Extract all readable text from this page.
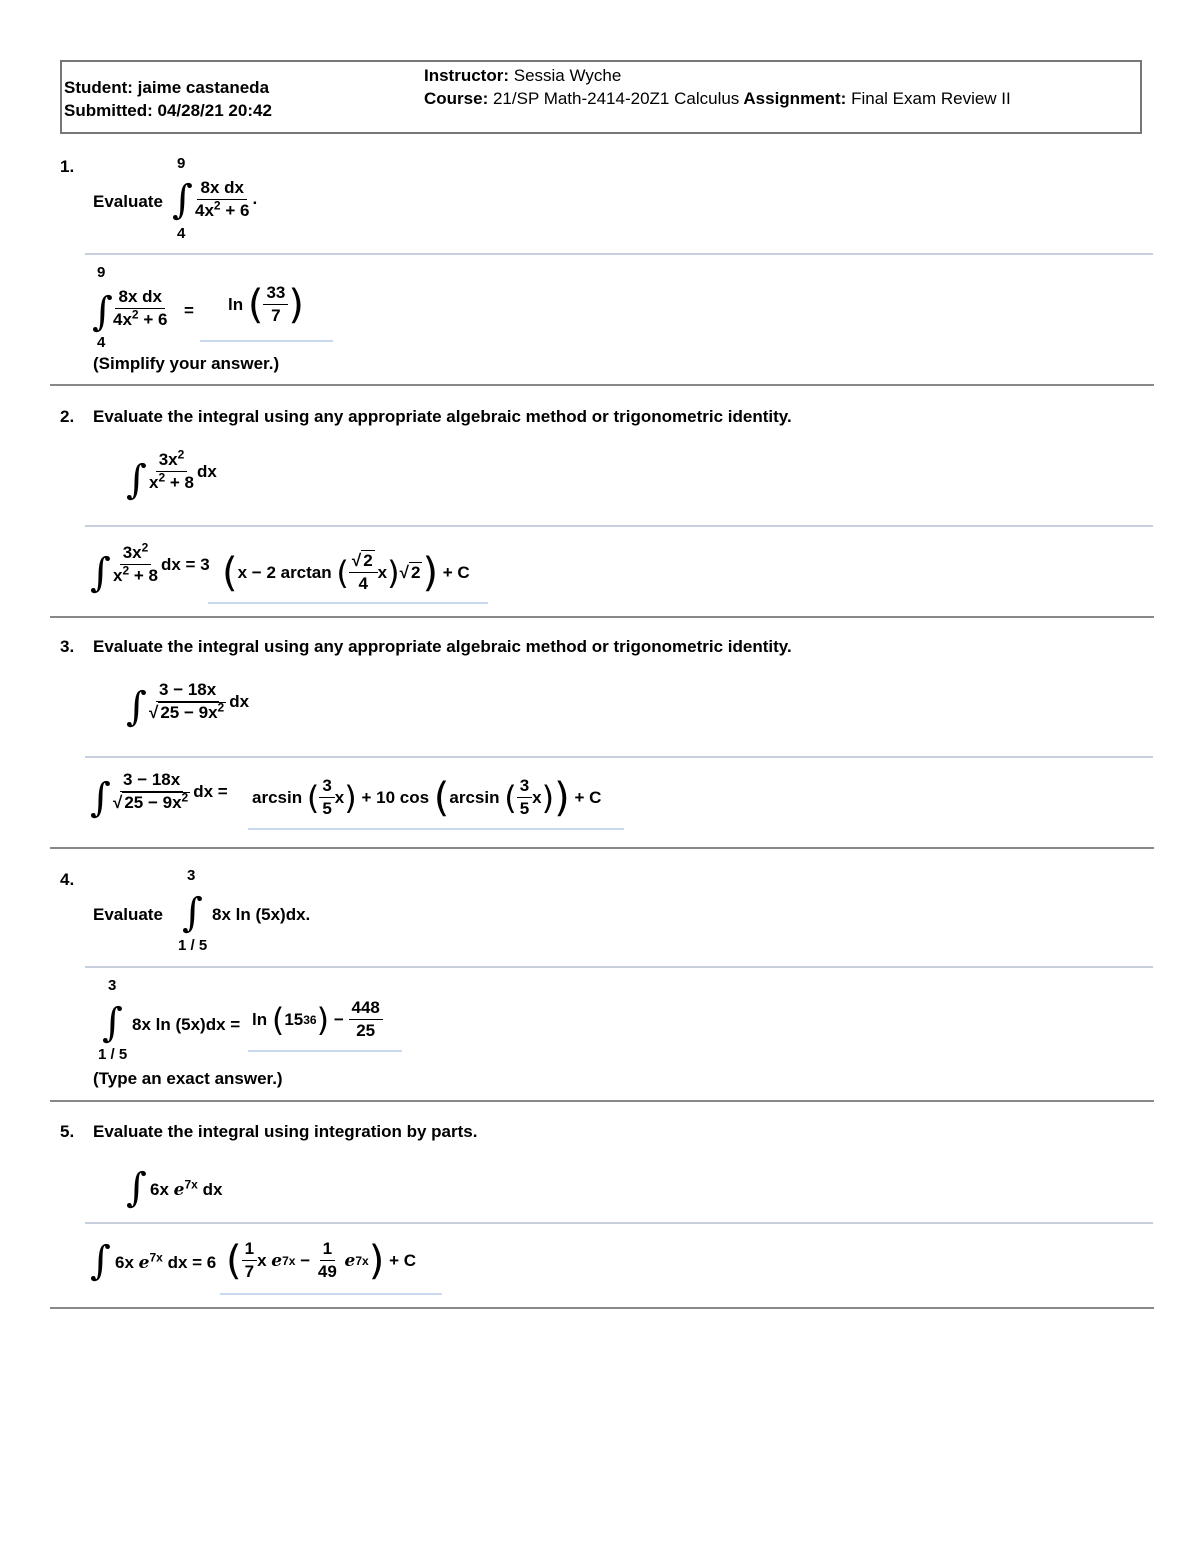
Student: jaime castaneda
Submitted: 04/28/21 20:42
Instructor: Sessia Wyche
Course: 21/SP Math-2414-20Z1 Calculus Assignment: Final Exam Review II
1.
Evaluate ∫
9
4
$\frac{\text{8x dx}}{4x^2 + 6}$ .
∫
9
4
$\frac{\text{8x dx}}{4x^2 + 6} = \ln$
( $\frac{33}{7}$ )
(Simplify your answer.)
2. Evaluate the integral using any appropriate algebraic method or trigonometric identity.
∫ $\frac{3x^2}{x^2 + 8}$ dx
∫ $\frac{3x^2}{x^2 + 8}$ dx = 3 ( x − 2 arctan
( $\frac{√ 2}{4}$ x ) √ 2 )
+ C
3. Evaluate the integral using any appropriate algebraic method or trigonometric identity.
∫ $\frac{3 - 18x}{√ 25 - 9x^2}$ dx
∫ $\frac{3 - 18x}{√ 25 - 9x^2}$ dx = arcsin
( $\frac{3}{5}$ x )
+ 10 cos
( arcsin
( $\frac{3}{5}$ x ) )
+ C
4.
Evaluate ∫
3
1 / 5
8x ln (5x)dx.
∫
3
1 / 5
8x ln (5x)dx = ln
( 15 36 )
−
$\frac{448}{25}$
(Type an exact answer.)
5. Evaluate the integral using integration by parts.
∫ 6x $e^{7x}$ dx
∫ 6x $e^{7x}$ dx = 6 ( $\frac{1}{7}$ x
e 7x
−
$\frac{1}{49}$
e 7x )
+ C
